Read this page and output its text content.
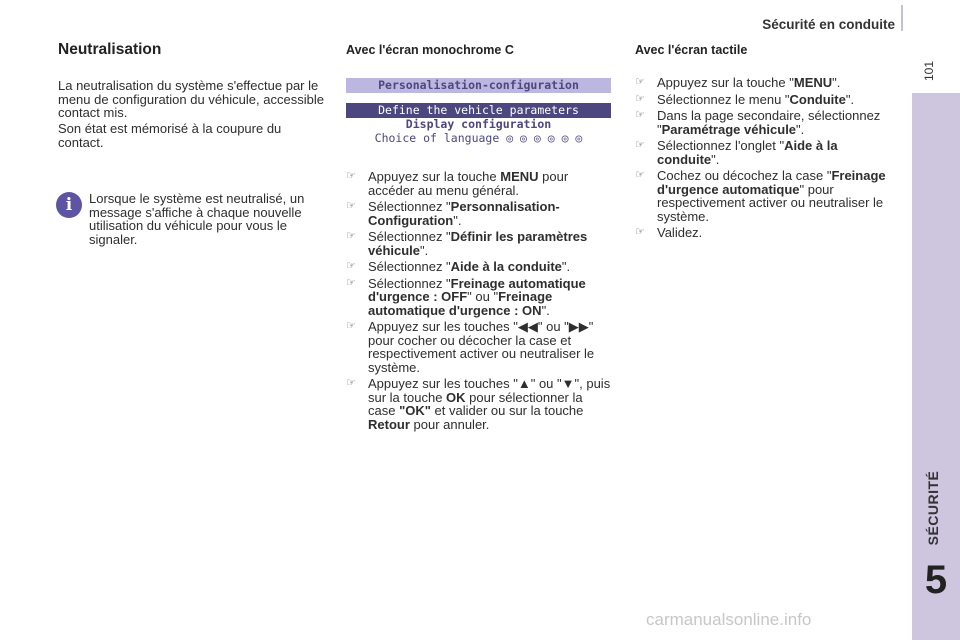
Sécurité en conduite
101
SÉCURITÉ
5
Neutralisation

La neutralisation du système s'effectue par le menu de configuration du véhicule, accessible contact mis.

Son état est mémorisé à la coupure du contact.

i	Lorsque le système est neutralisé, un message s'affiche à chaque nouvelle utilisation du véhicule pour vous le signaler.

Avec l'écran monochrome C
Personalisation-configuration
Define the vehicle parameters
Display configuration
Choice of language ◎ ◎ ◎ ◎ ◎ ◎
☞ Appuyez sur la touche MENU pour accéder au menu général.
☞ Sélectionnez "Personnalisation-Configuration".
☞ Sélectionnez "Définir les paramètres véhicule".
☞ Sélectionnez "Aide à la conduite".
☞ Sélectionnez "Freinage automatique d'urgence : OFF" ou "Freinage automatique d'urgence : ON".
☞ Appuyez sur les touches "◀◀" ou "▶▶" pour cocher ou décocher la case et respectivement activer ou neutraliser le système.
☞ Appuyez sur les touches "▲" ou "▼", puis sur la touche OK pour sélectionner la case "OK" et valider ou sur la touche Retour pour annuler.
Avec l'écran tactile
☞ Appuyez sur la touche "MENU".
☞ Sélectionnez le menu "Conduite".
☞ Dans la page secondaire, sélectionnez "Paramétrage véhicule".
☞ Sélectionnez l'onglet "Aide à la conduite".
☞ Cochez ou décochez la case "Freinage d'urgence automatique" pour respectivement activer ou neutraliser le système.
☞ Validez.
carmanualsonline.info
